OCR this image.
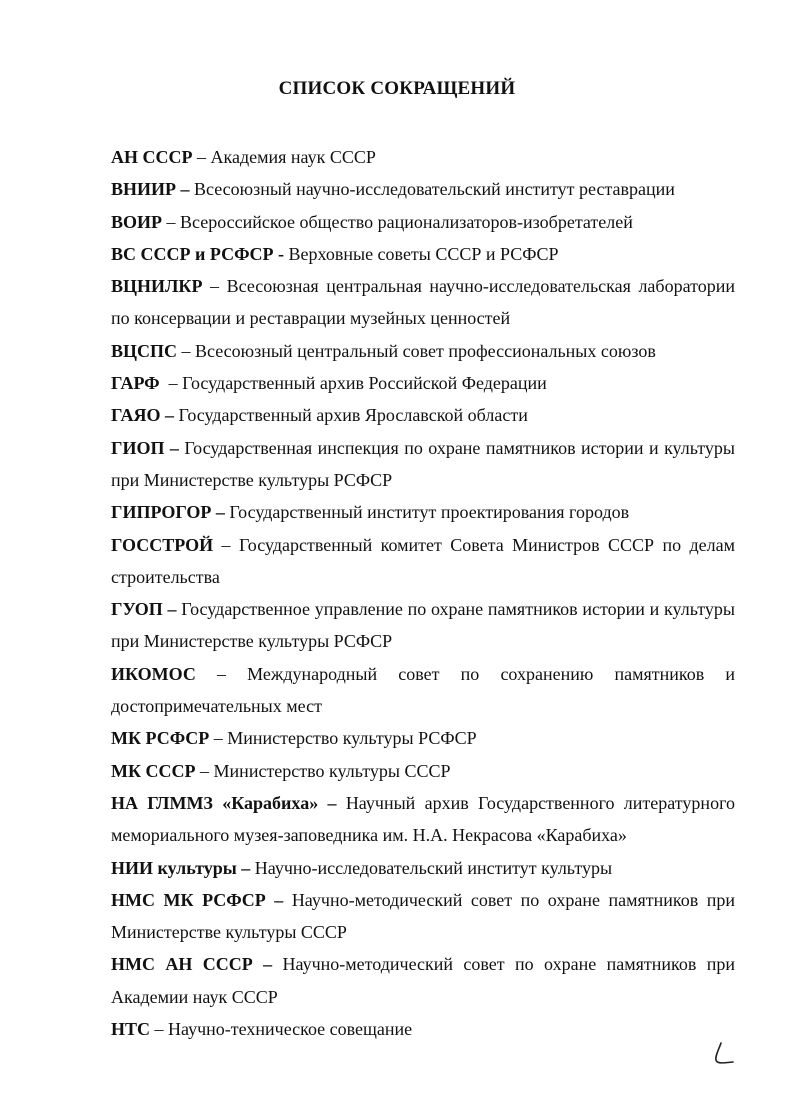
СПИСОК СОКРАЩЕНИЙ
АН СССР – Академия наук СССР
ВНИИР – Всесоюзный научно-исследовательский институт реставрации
ВОИР – Всероссийское общество рационализаторов-изобретателей
ВС СССР и РСФСР - Верховные советы СССР и РСФСР
ВЦНИЛКР – Всесоюзная центральная научно-исследовательская лаборатории по консервации и реставрации музейных ценностей
ВЦСПС – Всесоюзный центральный совет профессиональных союзов
ГАРФ  – Государственный архив Российской Федерации
ГАЯО – Государственный архив Ярославской области
ГИОП – Государственная инспекция по охране памятников истории и культуры при Министерстве культуры РСФСР
ГИПРОГОР – Государственный институт проектирования городов
ГОССТРОЙ – Государственный комитет Совета Министров СССР по делам строительства
ГУОП – Государственное управление по охране памятников истории и культуры при Министерстве культуры РСФСР
ИКОМОС – Международный совет по сохранению памятников и достопримечательных мест
МК РСФСР – Министерство культуры РСФСР
МК СССР – Министерство культуры СССР
НА ГЛММЗ «Карабиха» – Научный архив Государственного литературного мемориального музея-заповедника им. Н.А. Некрасова «Карабиха»
НИИ культуры – Научно-исследовательский институт культуры
НМС МК РСФСР – Научно-методический совет по охране памятников при Министерстве культуры СССР
НМС АН СССР – Научно-методический совет по охране памятников при Академии наук СССР
НТС – Научно-техническое совещание
